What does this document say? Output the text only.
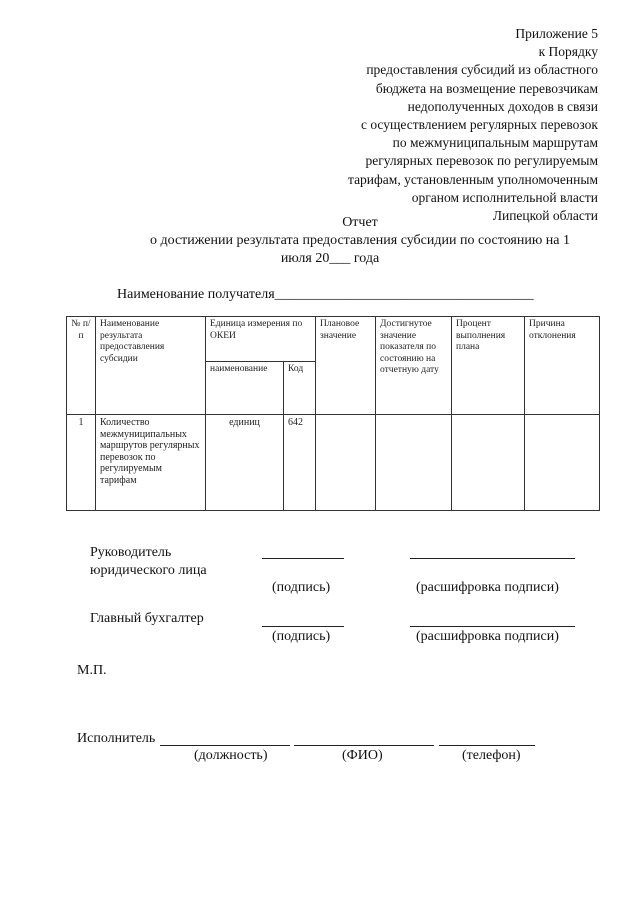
Приложение 5
к Порядку
предоставления субсидий из областного
бюджета на возмещение перевозчикам
недополученных доходов в связи
с осуществлением регулярных перевозок
по межмуниципальным маршрутам
регулярных перевозок по регулируемым
тарифам, установленным уполномоченным
органом исполнительной власти
Липецкой области
Отчет
о достижении результата предоставления субсидии по состоянию на 1
июля 20___ года
Наименование получателя_____________________________________
№ п/п	Наименование результата предоставления субсидии	Единица измерения по ОКЕИ		Плановое значение	Достигнутое значение показателя по состоянию на отчетную дату	Процент выполнения плана	Причина отклонения
		наименование	Код				
1	Количество межмуниципальных маршрутов регулярных перевозок по регулируемым тарифам	единиц	642				
Руководитель
юридического лица
(подпись)	(расшифровка подписи)
Главный бухгалтер
(подпись)	(расшифровка подписи)
М.П.
Исполнитель
(должность)	(ФИО)	(телефон)
